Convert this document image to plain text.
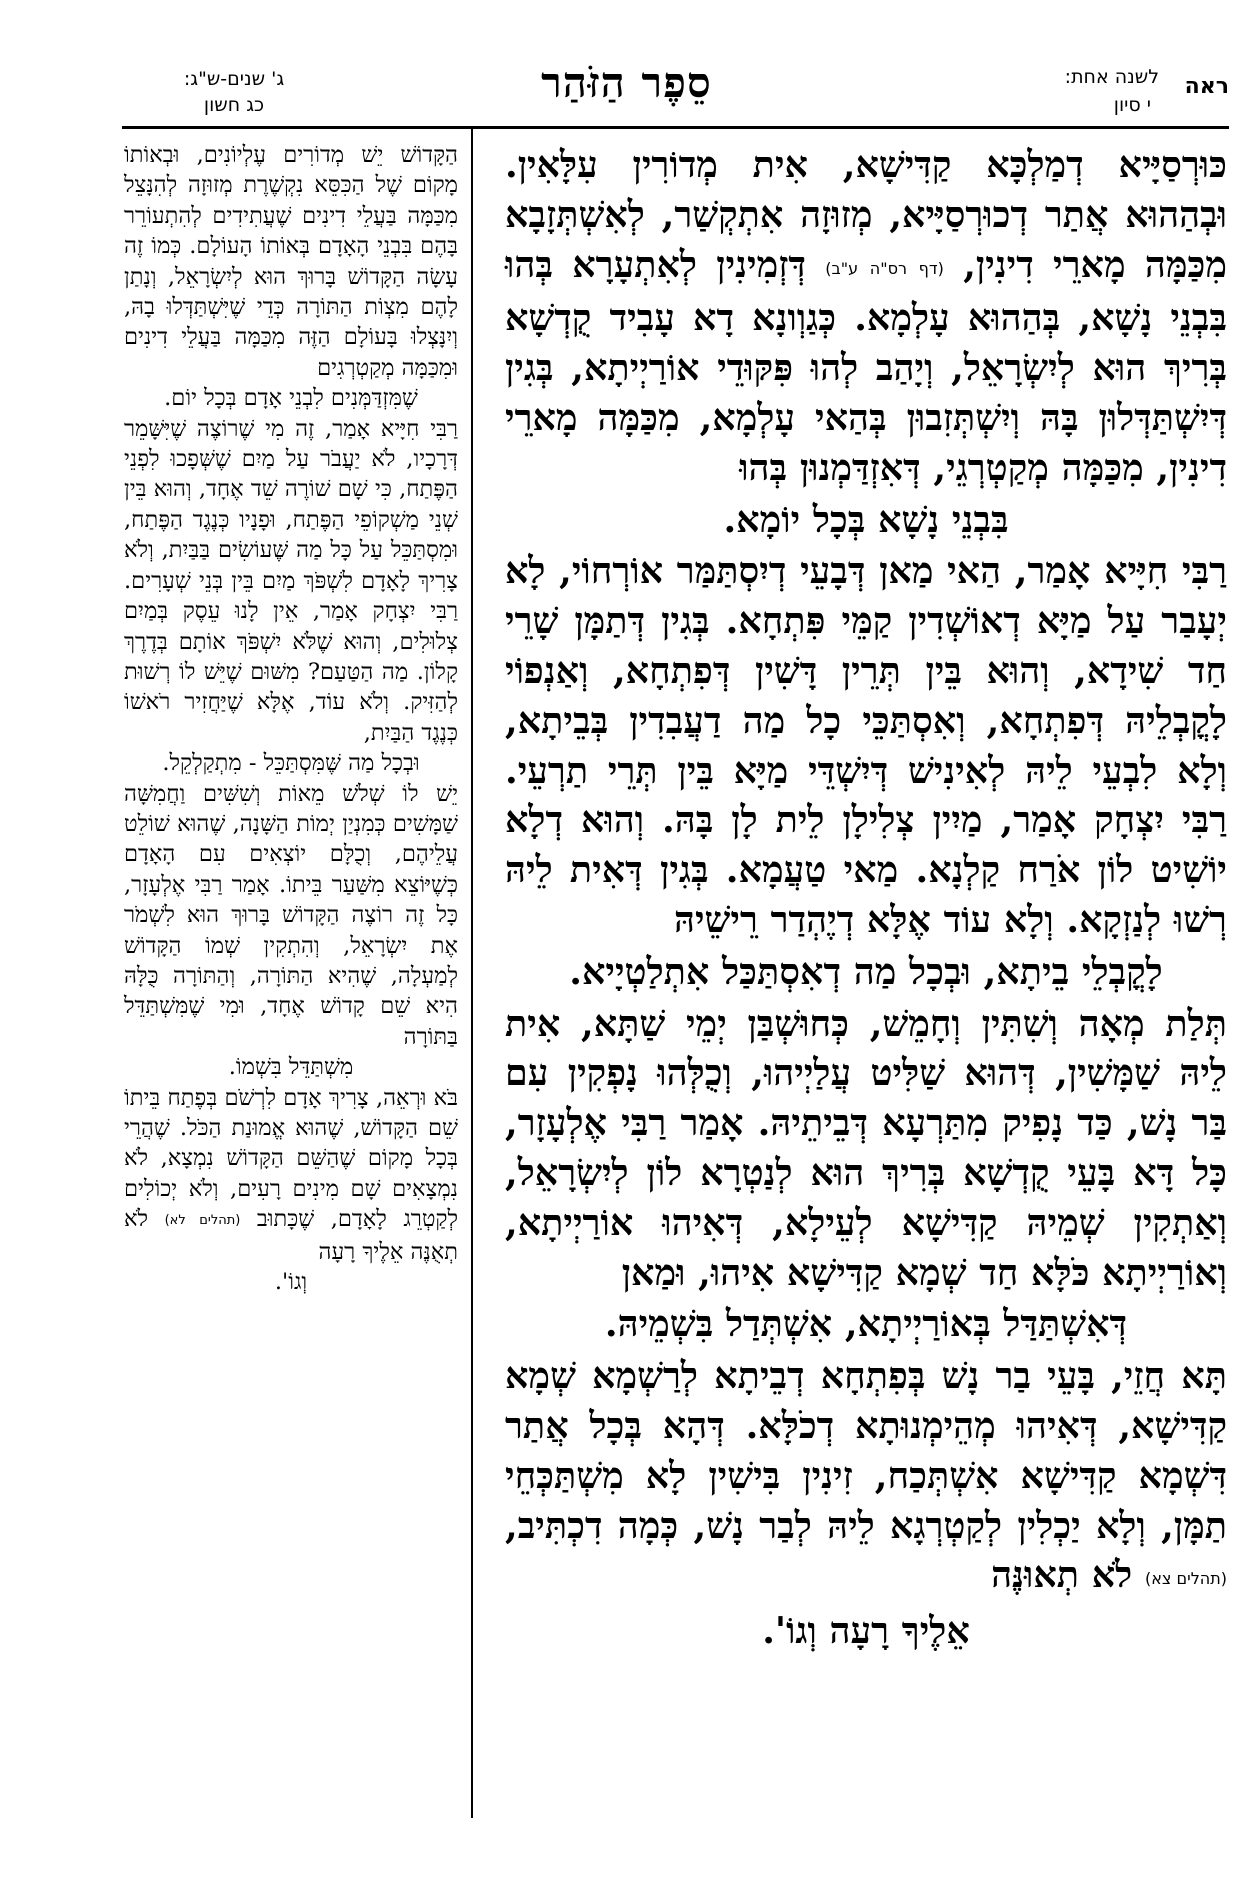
ראה
לשנה אחת:
י סיון
סֵפֶר הַזֹּהַר
ג' שנים-ש"ג:
כג חשון

כּוּרְסַיָּיא דְמַלְכָּא קַדִּישָׁא, אִית מְדוֹרִין עִלָּאִין. וּבְהַהוּא אֲתַר דְכוּרְסַיָּיא, מְזוּזָה אִתְקְשַׁר, לְאִשְׁתְּזָבָא מִכַּמָּה מָארֵי דִינִין, (דף רס"ה ע"ב) דְּזְמִינִין לְאִתְעָרָא בְּהוּ בִּבְנֵי נָשָׁא, בְּהַהוּא עָלְמָא. כְּגַוְונָא דָא עָבִיד קֻדְשָׁא בְּרִיךְ הוּא לְיִשְׂרָאֵל, וְיָהַב לְהוּ פִּקּוּדֵי אוֹרַיְיתָא, בְּגִין דְּיִשְׁתַּדְּלוּן בָּהּ וְיִשְׁתְּזִבוּן בְּהַאי עָלְמָא, מִכַּמָּה מָארֵי דִינִין, מִכַּמָּה מְקַטְרְגֵי, דְּאִזְדַּמְנוּן בְּהוּ

בִּבְנֵי נָשָׁא בְּכָל יוֹמָא.

רַבִּי חִיָּיא אָמַר, הַאי מַאן דְּבָעֵי דְיִסְתַּמַּר אוֹרְחוֹי, לָא יְעָבַר עַל מַיָּא דְאוֹשְׁדִין קַמֵּי פִּתְחָא. בְּגִין דְּתַמָּן שָׁרֵי חַד שִׁידָא, וְהוּא בֵּין תְּרֵין דָּשִׁין דְּפִתְחָא, וְאַנְפוֹי לָקֳבְלֵיהּ דְּפִתְחָא, וְאִסְתַּכֵּי כָל מַה דַעֲבִדִין בְּבֵיתָא, וְלָא לִבְעֵי לֵיהּ לְאִינִישׁ דְּיִשְׁדֵּי מַיָּא בֵּין תְּרֵי תַרְעֵי. רַבִּי יִצְחָק אָמַר, מַיִין צְלִילָן לֵית לָן בָּהּ. וְהוּא דְלָא יוֹשִׁיט לוֹן אֹרַח קַלְנָא. מַאי טַעֲמָא. בְּגִין דְּאִית לֵיהּ רְשׁוּ לְנַזְקָא. וְלָא עוֹד אֶלָּא דְיֶהְדַר רֵישֵׁיהּ

לָקֳבְלֵי בֵיתָא, וּבְכָל מַה דְאִסְתַּכַּל אִתְלַטְיָיא.

תְּלַת מְאָה וְשִׁתִּין וְחָמֵשׁ, כְּחוּשְׁבַּן יְמֵי שַׁתָּא, אִית לֵיהּ שַׁמָּשִׁין, דְּהוּא שַׁלִּיט עֲלַיְיהוּ, וְכֻלְּהוּ נָפְקִין עִם בַּר נָשׁ, כַּד נָפִיק מִתַּרְעָא דְּבֵיתֵיהּ. אָמַר רַבִּי אֶלְעָזָר, כָּל דָּא בָּעֵי קֻדְשָׁא בְּרִיךְ הוּא לְנַטְרָא לוֹן לְיִשְׂרָאֵל, וְאַתְקִין שְׁמֵיהּ קַדִּישָׁא לְעֵילָא, דְּאִיהוּ אוֹרַיְיתָא, וְאוֹרַיְיתָא כֹּלָּא חַד שְׁמָא קַדִּישָׁא אִיהוּ, וּמַאן

דְּאִשְׁתַּדַּל בְּאוֹרַיְיתָא, אִשְׁתְּדַל בִּשְׁמֵיהּ.

תָּא חֲזֵי, בָּעֵי בַר נָשׁ בְּפִתְחָא דְבֵיתָא לְרַשְׁמָא שְׁמָא קַדִּישָׁא, דְּאִיהוּ מְהֵימְנוּתָא דְכֹלָּא. דְּהָא בְּכָל אֲתַר דִּשְׁמָא קַדִּישָׁא אִשְׁתְּכַח, זִינִין בִּישִׁין לָא מִשְׁתַּכְּחֵי תַמָּן, וְלָא יַכְלִין לְקַטְרְגָא לֵיהּ לְבַר נָשׁ, כְּמָה דִכְתִּיב, (תהלים צא) לֹא תְאוּנֶּה

אֵלֶיךָ רָעָה וְגוֹ'.

הַקָּדוֹשׁ יֵשׁ מְדוֹרִים עֶלְיוֹנִים, וּבְאוֹתוֹ מָקוֹם שֶׁל הַכִּסֵּא נִקְשֶׁרֶת מְזוּזָה לְהִנָּצֵל מִכַּמָּה בַּעֲלֵי דִינִים שֶׁעֲתִידִים לְהִתְעוֹרֵר בָּהֶם בִּבְנֵי הָאָדָם בְּאוֹתוֹ הָעוֹלָם. כְּמוֹ זֶה עָשָׂה הַקָּדוֹשׁ בָּרוּךְ הוּא לְיִשְׂרָאֵל, וְנָתַן לָהֶם מִצְוֹת הַתּוֹרָה כְּדֵי שֶׁיִּשְׁתַּדְּלוּ בָהּ, וְיִנָּצְלוּ בָּעוֹלָם הַזֶּה מִכַּמָּה בַּעֲלֵי דִינִים וּמִכַּמָּה מְקַטְרְגִים

שֶׁמִּזְדַּמְּנִים לִבְנֵי אָדָם בְּכָל יוֹם.

רַבִּי חִיָּיא אָמַר, זֶה מִי שֶׁרוֹצֶה שֶׁיִּשָּׁמֵר דְּרָכָיו, לֹא יַעֲבֹר עַל מַיִם שֶׁשְּׁפָכוּ לִפְנֵי הַפֶּתַח, כִּי שָׁם שׁוֹרֶה שֵׁד אֶחָד, וְהוּא בֵּין שְׁנֵי מַשְׁקוֹפֵי הַפֶּתַח, וּפָנָיו כְּנֶגֶד הַפֶּתַח, וּמִסְתַּכֵּל עַל כָּל מַה שֶּׁעוֹשִׂים בַּבַּיִת, וְלֹא צָרִיךְ לָאָדָם לִשְׁפֹּךְ מַיִם בֵּין בְּנֵי שְׁעָרִים. רַבִּי יִצְחָק אָמַר, אֵין לָנוּ עֵסֶק בְּמַיִם צְלוּלִים, וְהוּא שֶׁלֹּא יִשְׁפֹּךְ אוֹתָם בְּדֶרֶךְ קָלוֹן. מַה הַטַּעַם? מִשּׁוּם שֶׁיֵּשׁ לוֹ רְשׁוּת לְהַזִּיק. וְלֹא עוֹד, אֶלָּא שֶׁיַּחֲזִיר רֹאשׁוֹ כְּנֶגֶד הַבַּיִת,

וּבְכָל מַה שֶּׁמִּסְתַּכֵּל - מִתְקַלְקֵל.

יֵשׁ לוֹ שְׁלֹשׁ מֵאוֹת וְשִׁשִּׁים וַחֲמִשָּׁה שַׁמָּשִׁים כְּמִנְיַן יְמוֹת הַשָּׁנָה, שֶׁהוּא שׁוֹלֵט עֲלֵיהֶם, וְכֻלָּם יוֹצְאִים עִם הָאָדָם כְּשֶׁיּוֹצֵא מִשַּׁעַר בֵּיתוֹ. אָמַר רַבִּי אֶלְעָזָר, כָּל זֶה רוֹצֶה הַקָּדוֹשׁ בָּרוּךְ הוּא לִשְׁמֹר אֶת יִשְׂרָאֵל, וְהִתְקִין שְׁמוֹ הַקָּדוֹשׁ לְמַעְלָה, שֶׁהִיא הַתּוֹרָה, וְהַתּוֹרָה כֻּלָּהּ הִיא שֵׁם קָדוֹשׁ אֶחָד, וּמִי שֶׁמִּשְׁתַּדֵּל בַּתּוֹרָה

מִשְׁתַּדֵּל בִּשְׁמוֹ.

בֹּא וּרְאֵה, צָרִיךְ אָדָם לִרְשֹׁם בְּפֶתַח בֵּיתוֹ שֵׁם הַקָּדוֹשׁ, שֶׁהוּא אֱמוּנַת הַכֹּל. שֶׁהֲרֵי בְּכָל מָקוֹם שֶׁהַשֵּׁם הַקָּדוֹשׁ נִמְצָא, לֹא נִמְצָאִים שָׁם מִינִים רָעִים, וְלֹא יְכוֹלִים לְקַטְרֵג לָאָדָם, שֶׁכָּתוּב (תהלים לא) לֹא תְאֻנֶּה אֵלֶיךָ רָעָה

וְגוֹ'.
